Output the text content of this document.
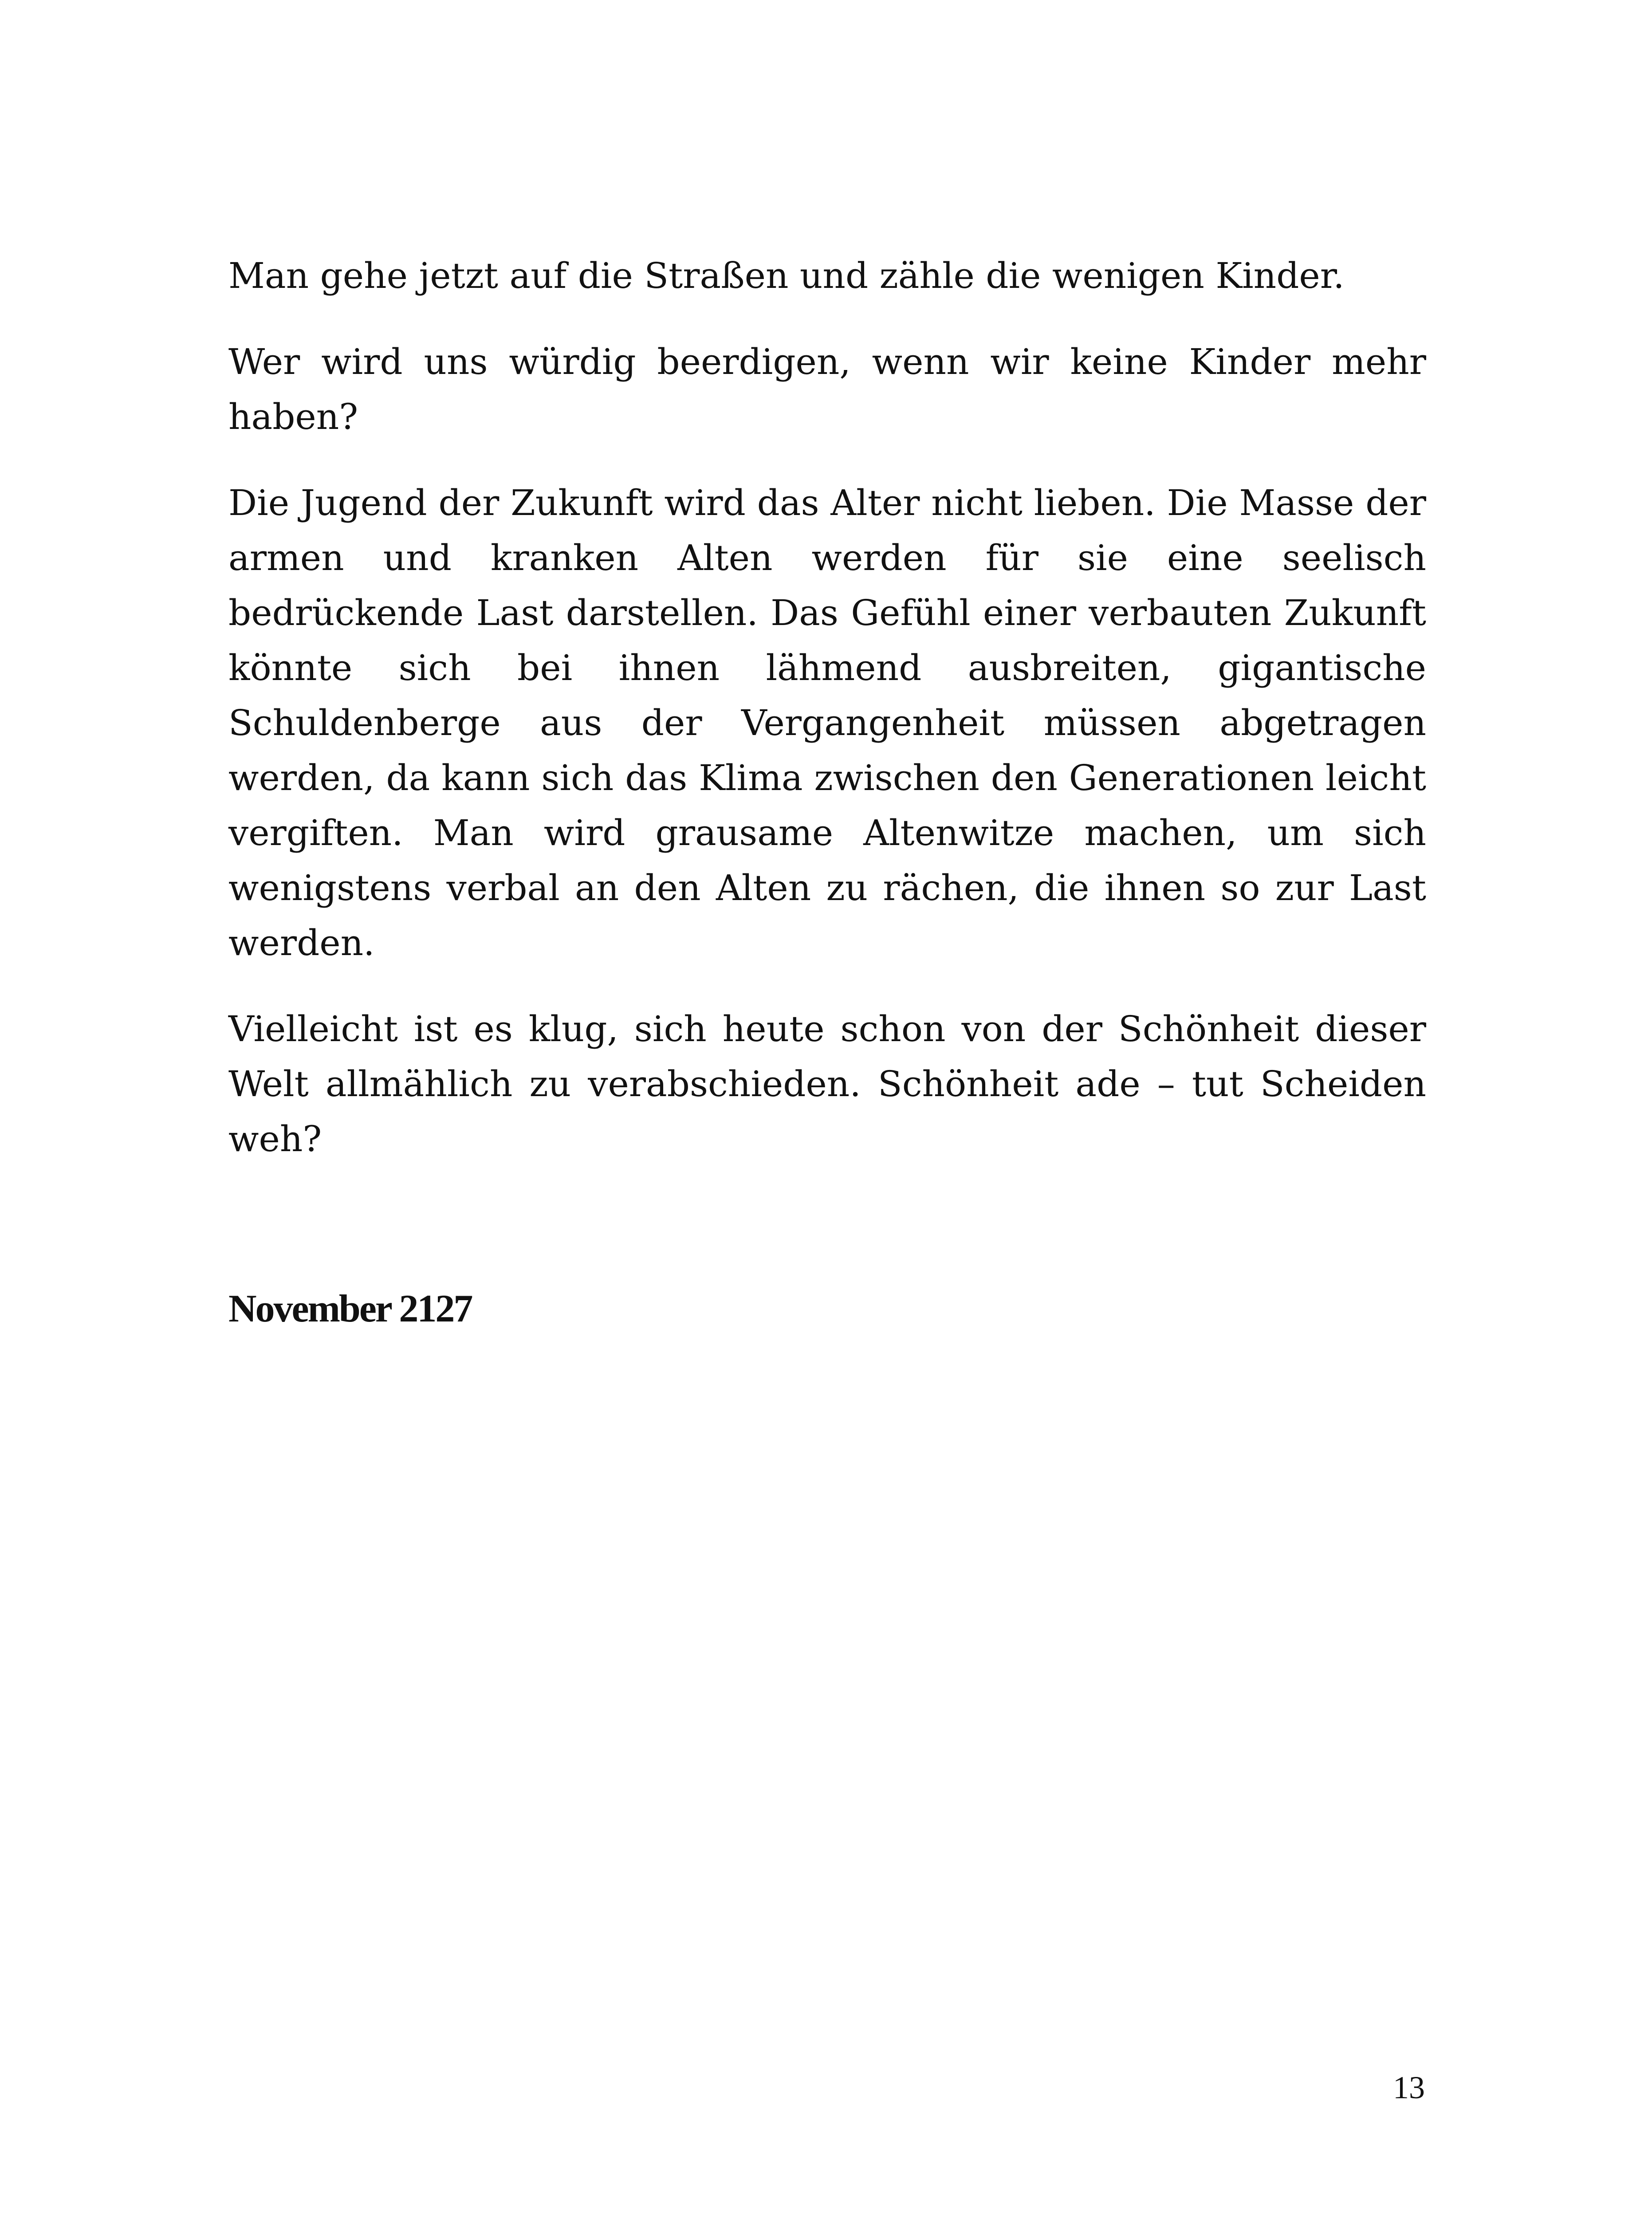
Man gehe jetzt auf die Straßen und zähle die wenigen Kinder.

Wer wird uns würdig beerdigen, wenn wir keine Kinder mehr haben?

Die Jugend der Zukunft wird das Alter nicht lieben. Die Masse der armen und kranken Alten werden für sie eine seelisch bedrückende Last darstellen. Das Gefühl einer verbauten Zukunft könnte sich bei ihnen lähmend ausbreiten, gigantische Schuldenberge aus der Vergangenheit müssen abgetragen werden, da kann sich das Klima zwischen den Generationen leicht vergiften. Man wird grausame Altenwitze machen, um sich wenigstens verbal an den Alten zu rächen, die ihnen so zur Last werden.

Vielleicht ist es klug, sich heute schon von der Schönheit dieser Welt allmählich zu verabschieden. Schönheit ade – tut Scheiden weh?

November 2127
13
